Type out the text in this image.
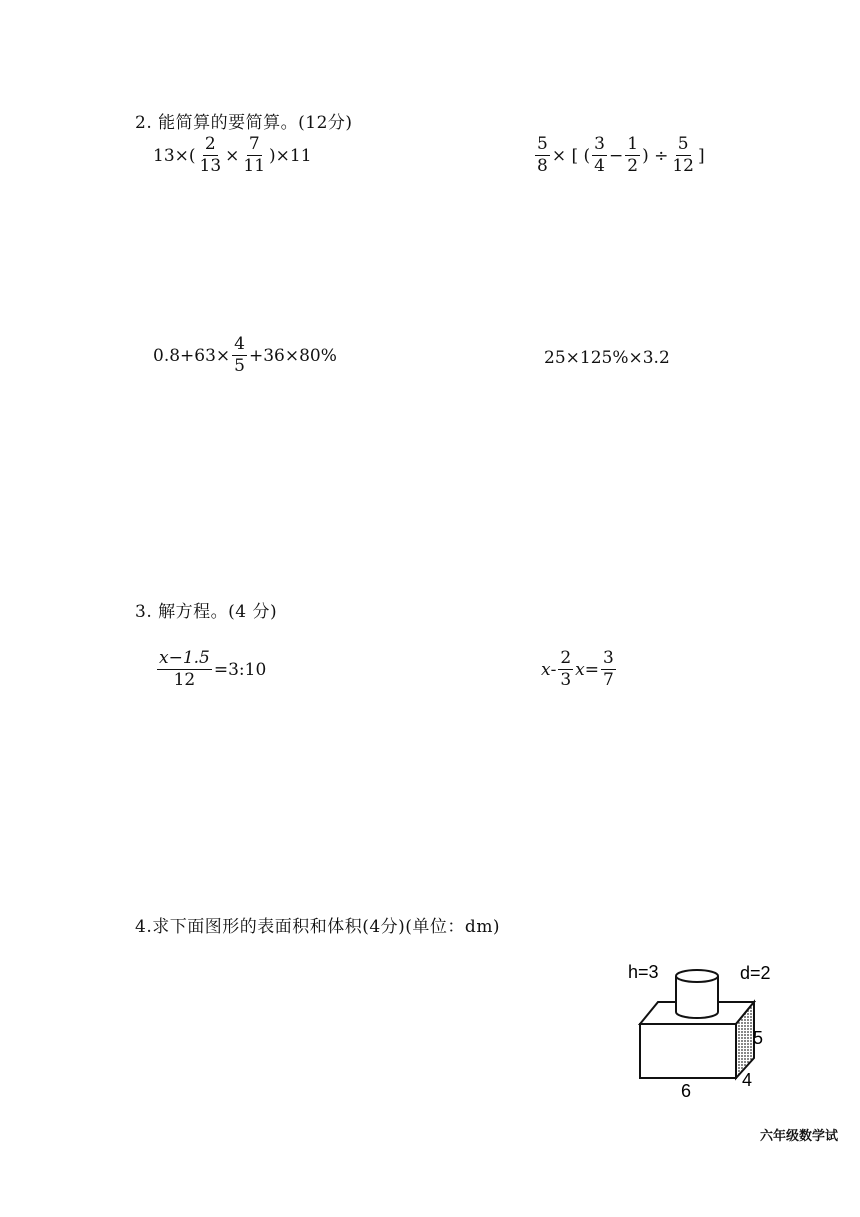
2. 能简算的要简算。(12分)
$13\times( \frac{2}{13} \times \frac{7}{11} )\times 11$	$\frac{5}{8}$ × [ ( $\frac{3}{4} - \frac{1}{2}$ ) ÷ $\frac{5}{12}$ ]
$0.8+63\times \frac{4}{5} +36\times 80\%$	25×125%×3.2
3. 解方程。(4 分)
$\frac{x-1.5}{12}$ =3:10	x - $\frac{2}{3}$ $x = \frac{3}{7}$
4.求下面图形的表面积和体积(4分)(单位：dm)
h=3	d=2
5
4
6
六年级数学试
